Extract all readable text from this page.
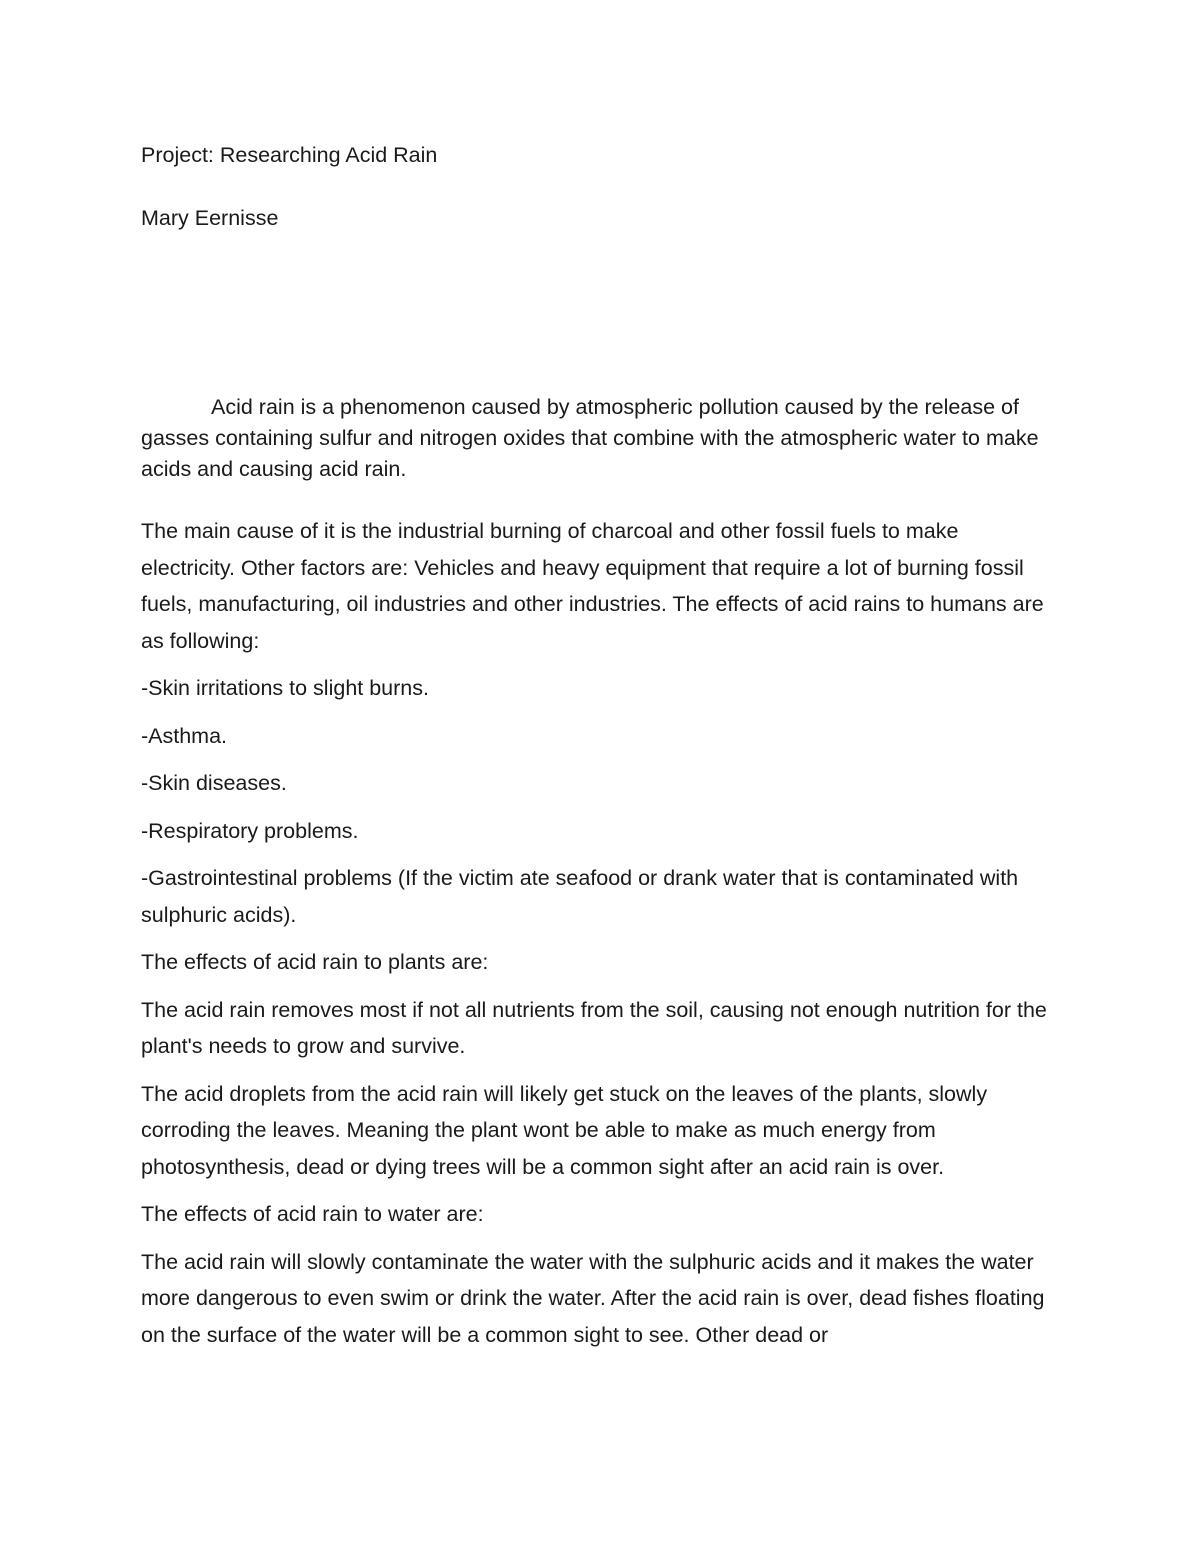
Project: Researching Acid Rain
Mary Eernisse

Acid rain is a phenomenon caused by atmospheric pollution caused by the release of gasses containing sulfur and nitrogen oxides that combine with the atmospheric water to make acids and causing acid rain.

The main cause of it is the industrial burning of charcoal and other fossil fuels to make electricity. Other factors are: Vehicles and heavy equipment that require a lot of burning fossil fuels, manufacturing, oil industries and other industries. The effects of acid rains to humans are as following:

-Skin irritations to slight burns.

-Asthma.

-Skin diseases.

-Respiratory problems.

-Gastrointestinal problems (If the victim ate seafood or drank water that is contaminated with sulphuric acids).

The effects of acid rain to plants are:

The acid rain removes most if not all nutrients from the soil, causing not enough nutrition for the plant's needs to grow and survive.

The acid droplets from the acid rain will likely get stuck on the leaves of the plants, slowly corroding the leaves. Meaning the plant wont be able to make as much energy from photosynthesis, dead or dying trees will be a common sight after an acid rain is over.

The effects of acid rain to water are:

The acid rain will slowly contaminate the water with the sulphuric acids and it makes the water more dangerous to even swim or drink the water. After the acid rain is over, dead fishes floating on the surface of the water will be a common sight to see. Other dead or
